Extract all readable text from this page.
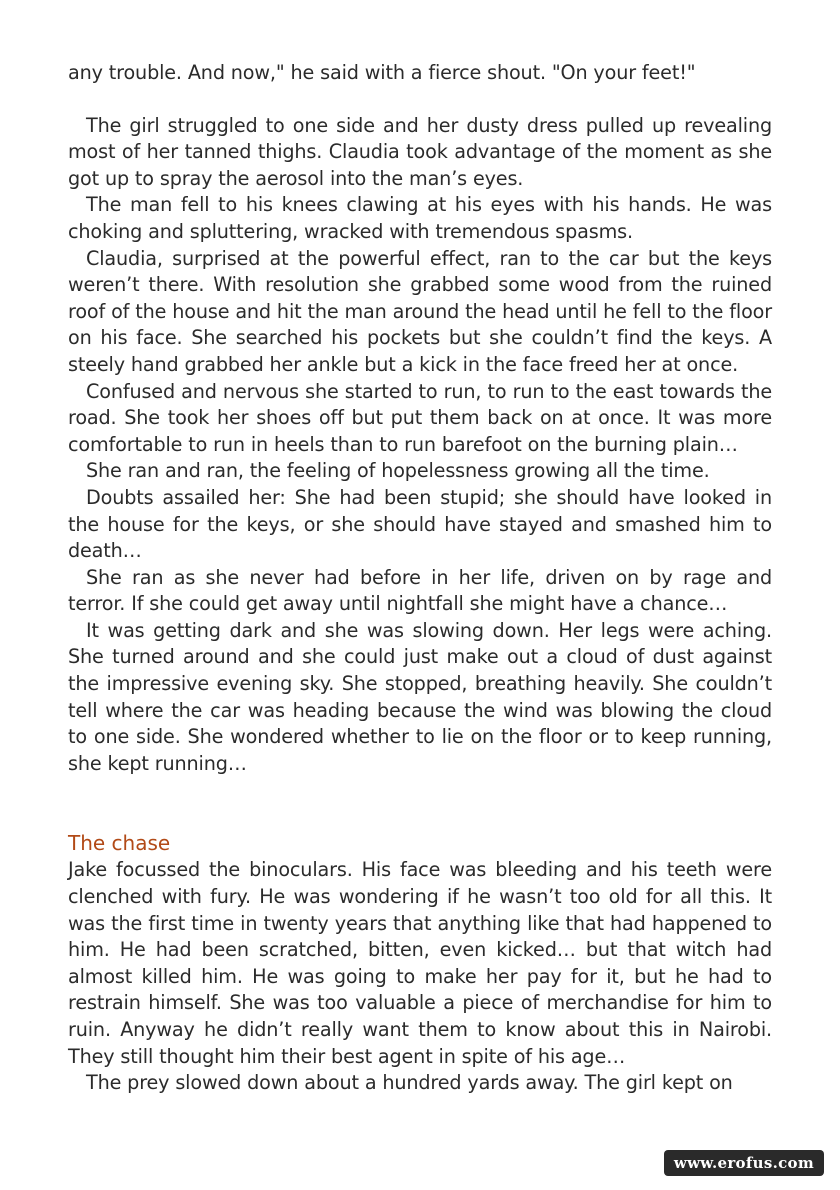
any trouble. And now," he said with a fierce shout. "On your feet!"

The girl struggled to one side and her dusty dress pulled up revealing most of her tanned thighs. Claudia took advantage of the moment as she got up to spray the aerosol into the man’s eyes.

The man fell to his knees clawing at his eyes with his hands. He was choking and spluttering, wracked with tremendous spasms.

Claudia, surprised at the powerful effect, ran to the car but the keys weren’t there. With resolution she grabbed some wood from the ruined roof of the house and hit the man around the head until he fell to the floor on his face. She searched his pockets but she couldn’t find the keys. A steely hand grabbed her ankle but a kick in the face freed her at once.

Confused and nervous she started to run, to run to the east towards the road. She took her shoes off but put them back on at once. It was more comfortable to run in heels than to run barefoot on the burning plain…

She ran and ran, the feeling of hopelessness growing all the time.

Doubts assailed her: She had been stupid; she should have looked in the house for the keys, or she should have stayed and smashed him to death…

She ran as she never had before in her life, driven on by rage and terror. If she could get away until nightfall she might have a chance…

It was getting dark and she was slowing down. Her legs were aching. She turned around and she could just make out a cloud of dust against the impressive evening sky. She stopped, breathing heavily. She couldn’t tell where the car was heading because the wind was blowing the cloud to one side. She wondered whether to lie on the floor or to keep running, she kept running…

The chase

Jake focussed the binoculars. His face was bleeding and his teeth were clenched with fury. He was wondering if he wasn’t too old for all this. It was the first time in twenty years that anything like that had happened to him. He had been scratched, bitten, even kicked… but that witch had almost killed him. He was going to make her pay for it, but he had to restrain himself. She was too valuable a piece of merchandise for him to ruin. Anyway he didn’t really want them to know about this in Nairobi. They still thought him their best agent in spite of his age…

The prey slowed down about a hundred yards away. The girl kept on

www.erofus.com
